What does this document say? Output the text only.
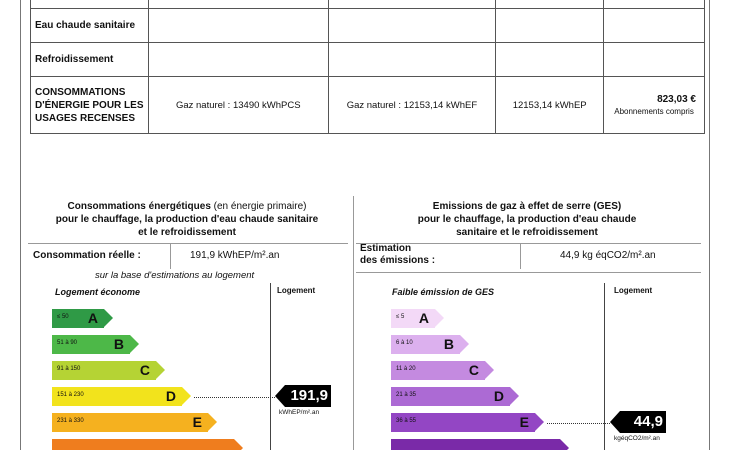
Eau chaude sanitaire				
Refroidissement				
CONSOMMATIONS D'ÉNERGIE POUR LES USAGES RECENSES	Gaz naturel : 13490 kWhPCS	Gaz naturel : 12153,14 kWhEF	12153,14 kWhEP	823,03 €
Abonnements compris
Consommations énergétiques (en énergie primaire)
pour le chauffage, la production d'eau chaude sanitaire
et le refroidissement
Consommation réelle :	191,9 kWhEP/m².an
sur la base d'estimations au logement
Logement économe	Logement
≤ 50 A
51 à 90	B
91 à 150	C
151 à 230	D	191,9
kWhEP/m².an
231 à 330	E
Emissions de gaz à effet de serre (GES)
pour le chauffage, la production d'eau chaude
sanitaire et le refroidissement
Estimation
des émissions :	44,9 kg éqCO2/m².an
Faible émission de GES	Logement
≤ 5 A
6 à 10 B
11 à 20	C
21 à 35	D
36 à 55	E	44,9
kgéqCO2/m².an
